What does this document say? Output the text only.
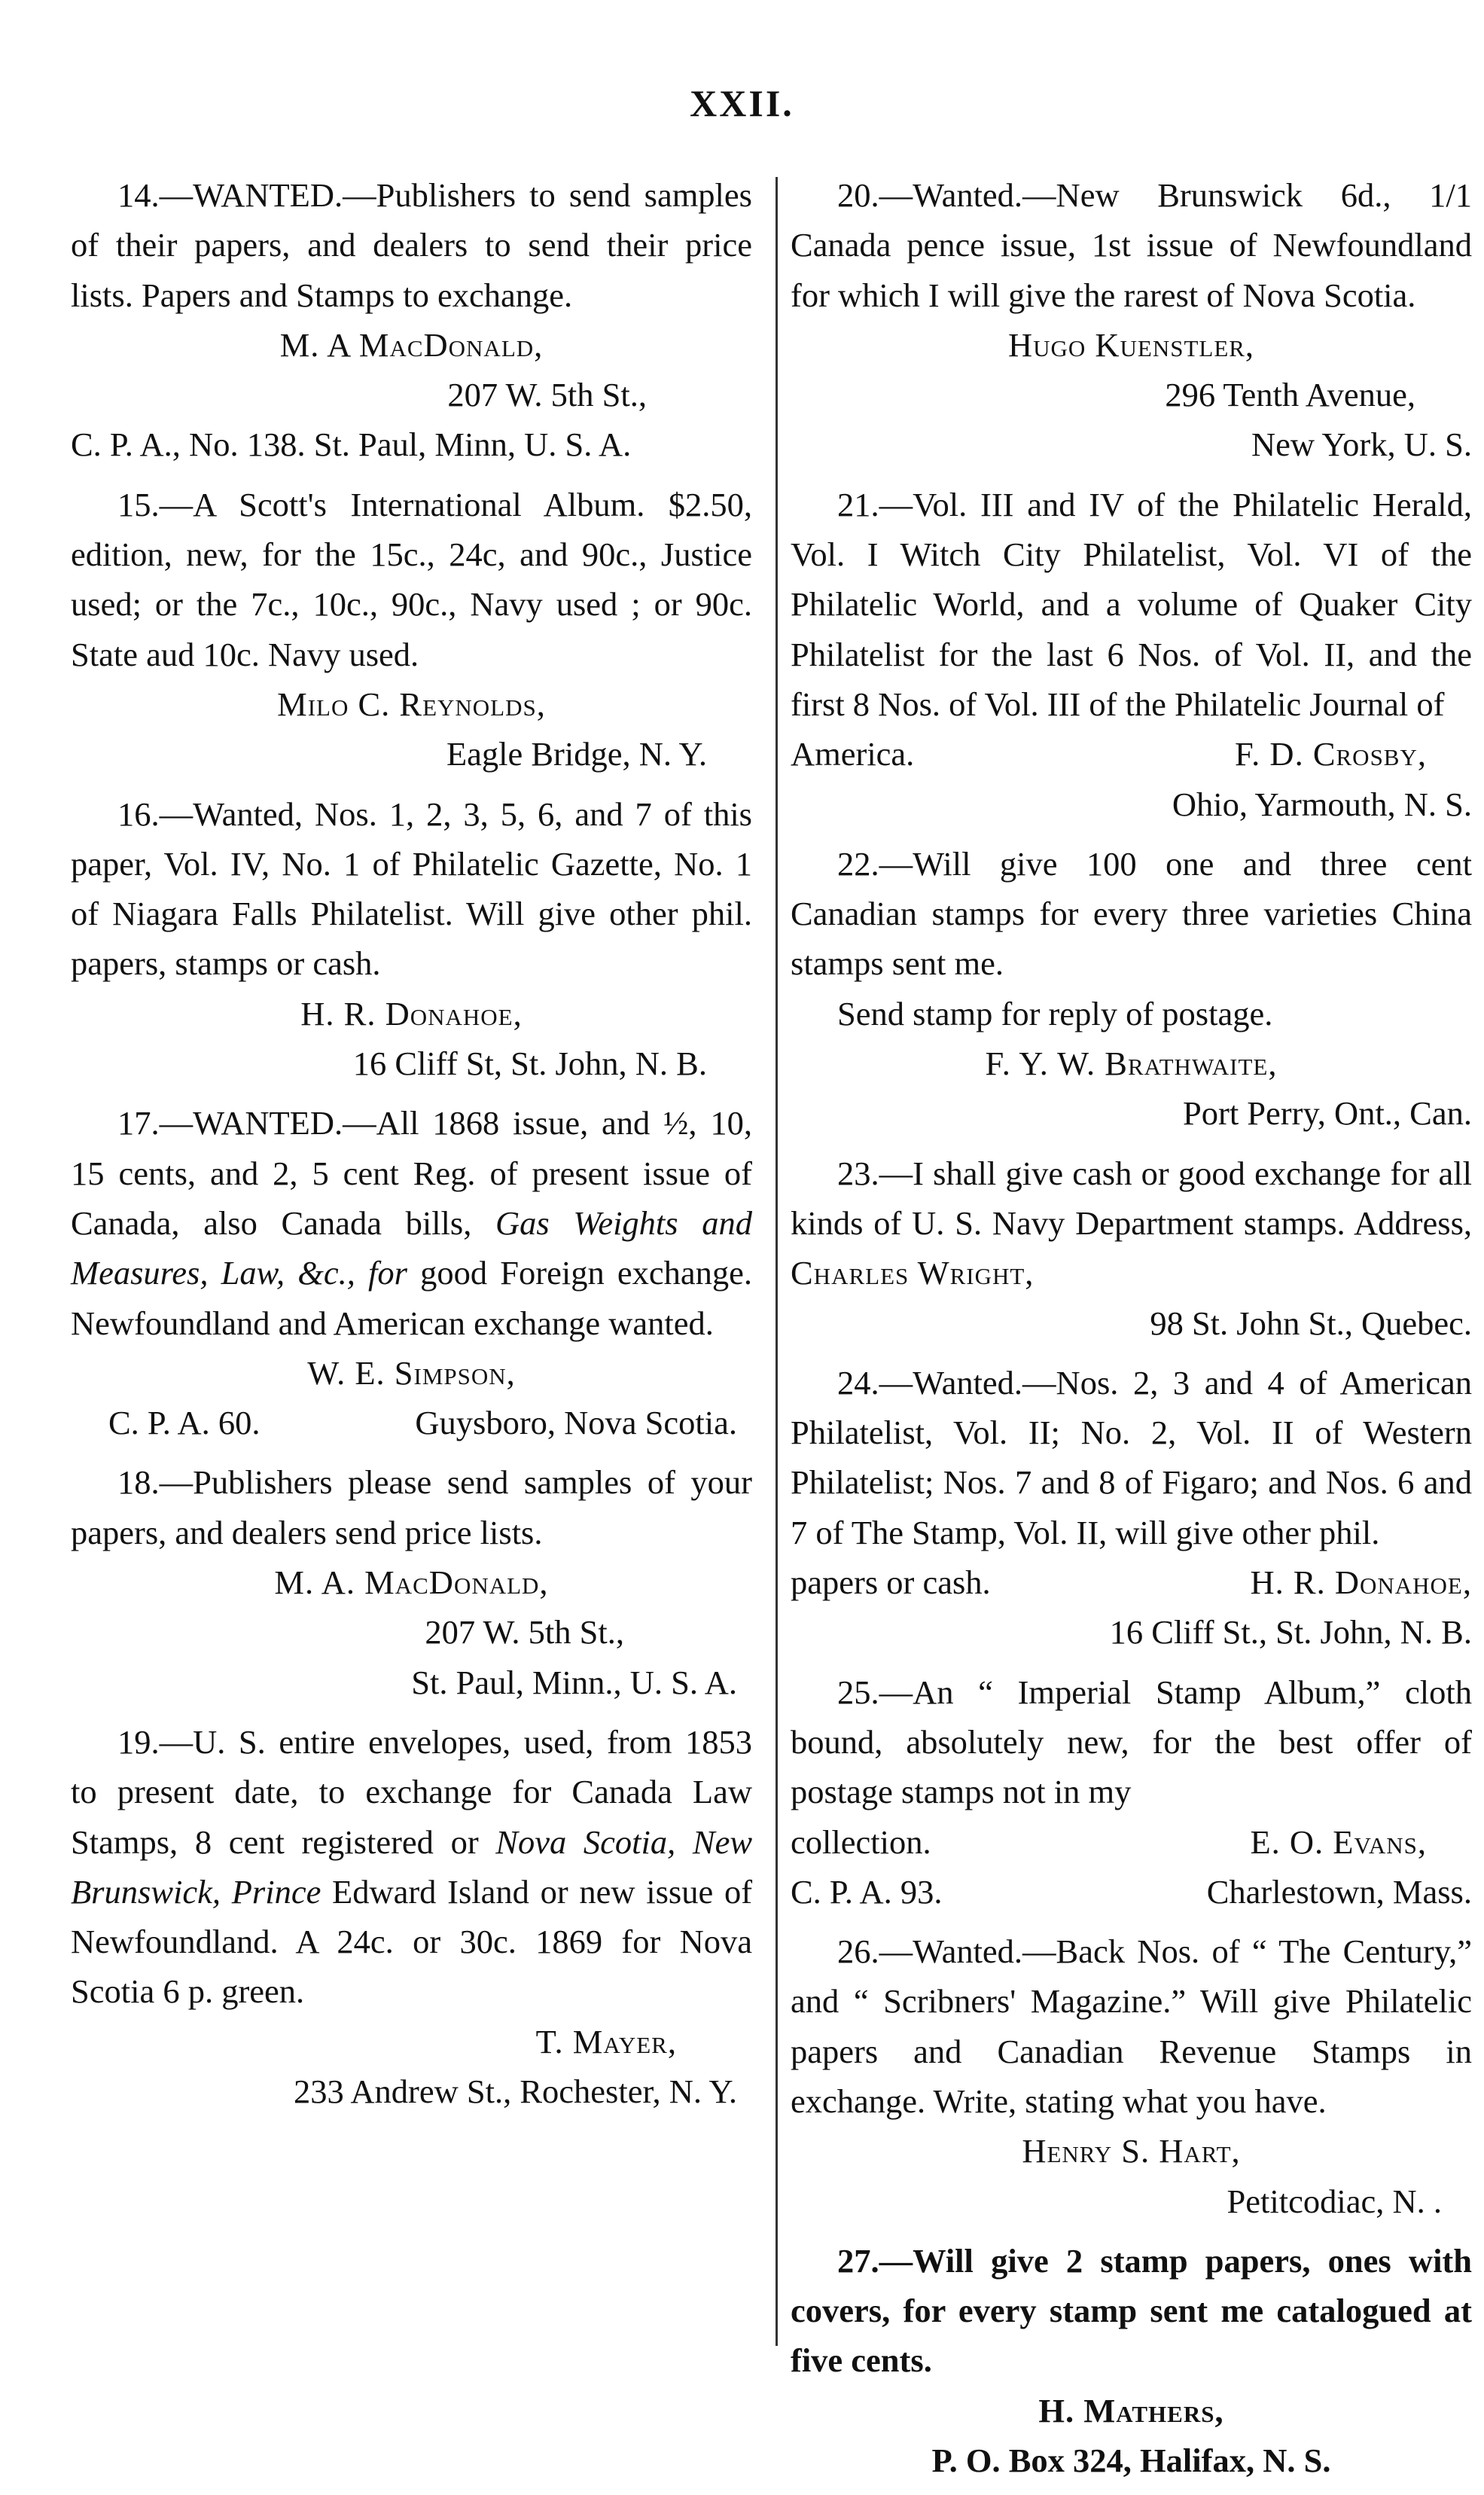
XXII.

14.—WANTED.—Publishers to send samples of their papers, and dealers to send their price lists. Papers and Stamps to exchange.

M. A MacDonald,

207 W. 5th St.,

C. P. A., No. 138. St. Paul, Minn, U. S. A.

15.—A Scott's International Album. $2.50, edition, new, for the 15c., 24c, and 90c., Justice used; or the 7c., 10c., 90c., Navy used ; or 90c. State aud 10c. Navy used.

Milo C. Reynolds,

Eagle Bridge, N. Y.

16.—Wanted, Nos. 1, 2, 3, 5, 6, and 7 of this paper, Vol. IV, No. 1 of Philatelic Gazette, No. 1 of Niagara Falls Philatelist. Will give other phil. papers, stamps or cash.

H. R. Donahoe,

16 Cliff St, St. John, N. B.

17.—WANTED.—All 1868 issue, and ½, 10, 15 cents, and 2, 5 cent Reg. of present issue of Canada, also Canada bills, Gas Weights and Measures, Law, &c., for good Foreign exchange. Newfoundland and American exchange wanted.

W. E. Simpson,

C. P. A. 60.	Guysboro, Nova Scotia.

18.—Publishers please send samples of your papers, and dealers send price lists.

M. A. MacDonald,

207 W. 5th St.,

St. Paul, Minn., U. S. A.

19.—U. S. entire envelopes, used, from 1853 to present date, to exchange for Canada Law Stamps, 8 cent registered or Nova Scotia, New Brunswick, Prince Edward Island or new issue of Newfoundland. A 24c. or 30c. 1869 for Nova Scotia 6 p. green.

T. Mayer,

233 Andrew St., Rochester, N. Y.

20.—Wanted.—New Brunswick 6d., 1/1 Canada pence issue, 1st issue of Newfoundland for which I will give the rarest of Nova Scotia.

Hugo Kuenstler,

296 Tenth Avenue,

New York, U. S.

21.—Vol. III and IV of the Philatelic Herald, Vol. I Witch City Philatelist, Vol. VI of the Philatelic World, and a volume of Quaker City Philatelist for the last 6 Nos. of Vol. II, and the first 8 Nos. of Vol. III of the Philatelic Journal of

America.	F. D. Crosby,

Ohio, Yarmouth, N. S.

22.—Will give 100 one and three cent Canadian stamps for every three varieties China stamps sent me.

Send stamp for reply of postage.

F. Y. W. Brathwaite,

Port Perry, Ont., Can.

23.—I shall give cash or good exchange for all kinds of U. S. Navy Department stamps. Address, Charles Wright,

98 St. John St., Quebec.

24.—Wanted.—Nos. 2, 3 and 4 of American Philatelist, Vol. II; No. 2, Vol. II of Western Philatelist; Nos. 7 and 8 of Figaro; and Nos. 6 and 7 of The Stamp, Vol. II, will give other phil.

papers or cash.	H. R. Donahoe,

16 Cliff St., St. John, N. B.

25.—An “ Imperial Stamp Album,” cloth bound, absolutely new, for the best offer of postage stamps not in my

collection.	E. O. Evans,

C. P. A. 93.	Charlestown, Mass.

26.—Wanted.—Back Nos. of “ The Century,” and “ Scribners' Magazine.” Will give Philatelic papers and Canadian Revenue Stamps in exchange. Write, stating what you have.

Henry S. Hart,

Petitcodiac, N. .

27.—Will give 2 stamp papers, ones with covers, for every stamp sent me catalogued at five cents.

H. Mathers,

P. O. Box 324, Halifax, N. S.
